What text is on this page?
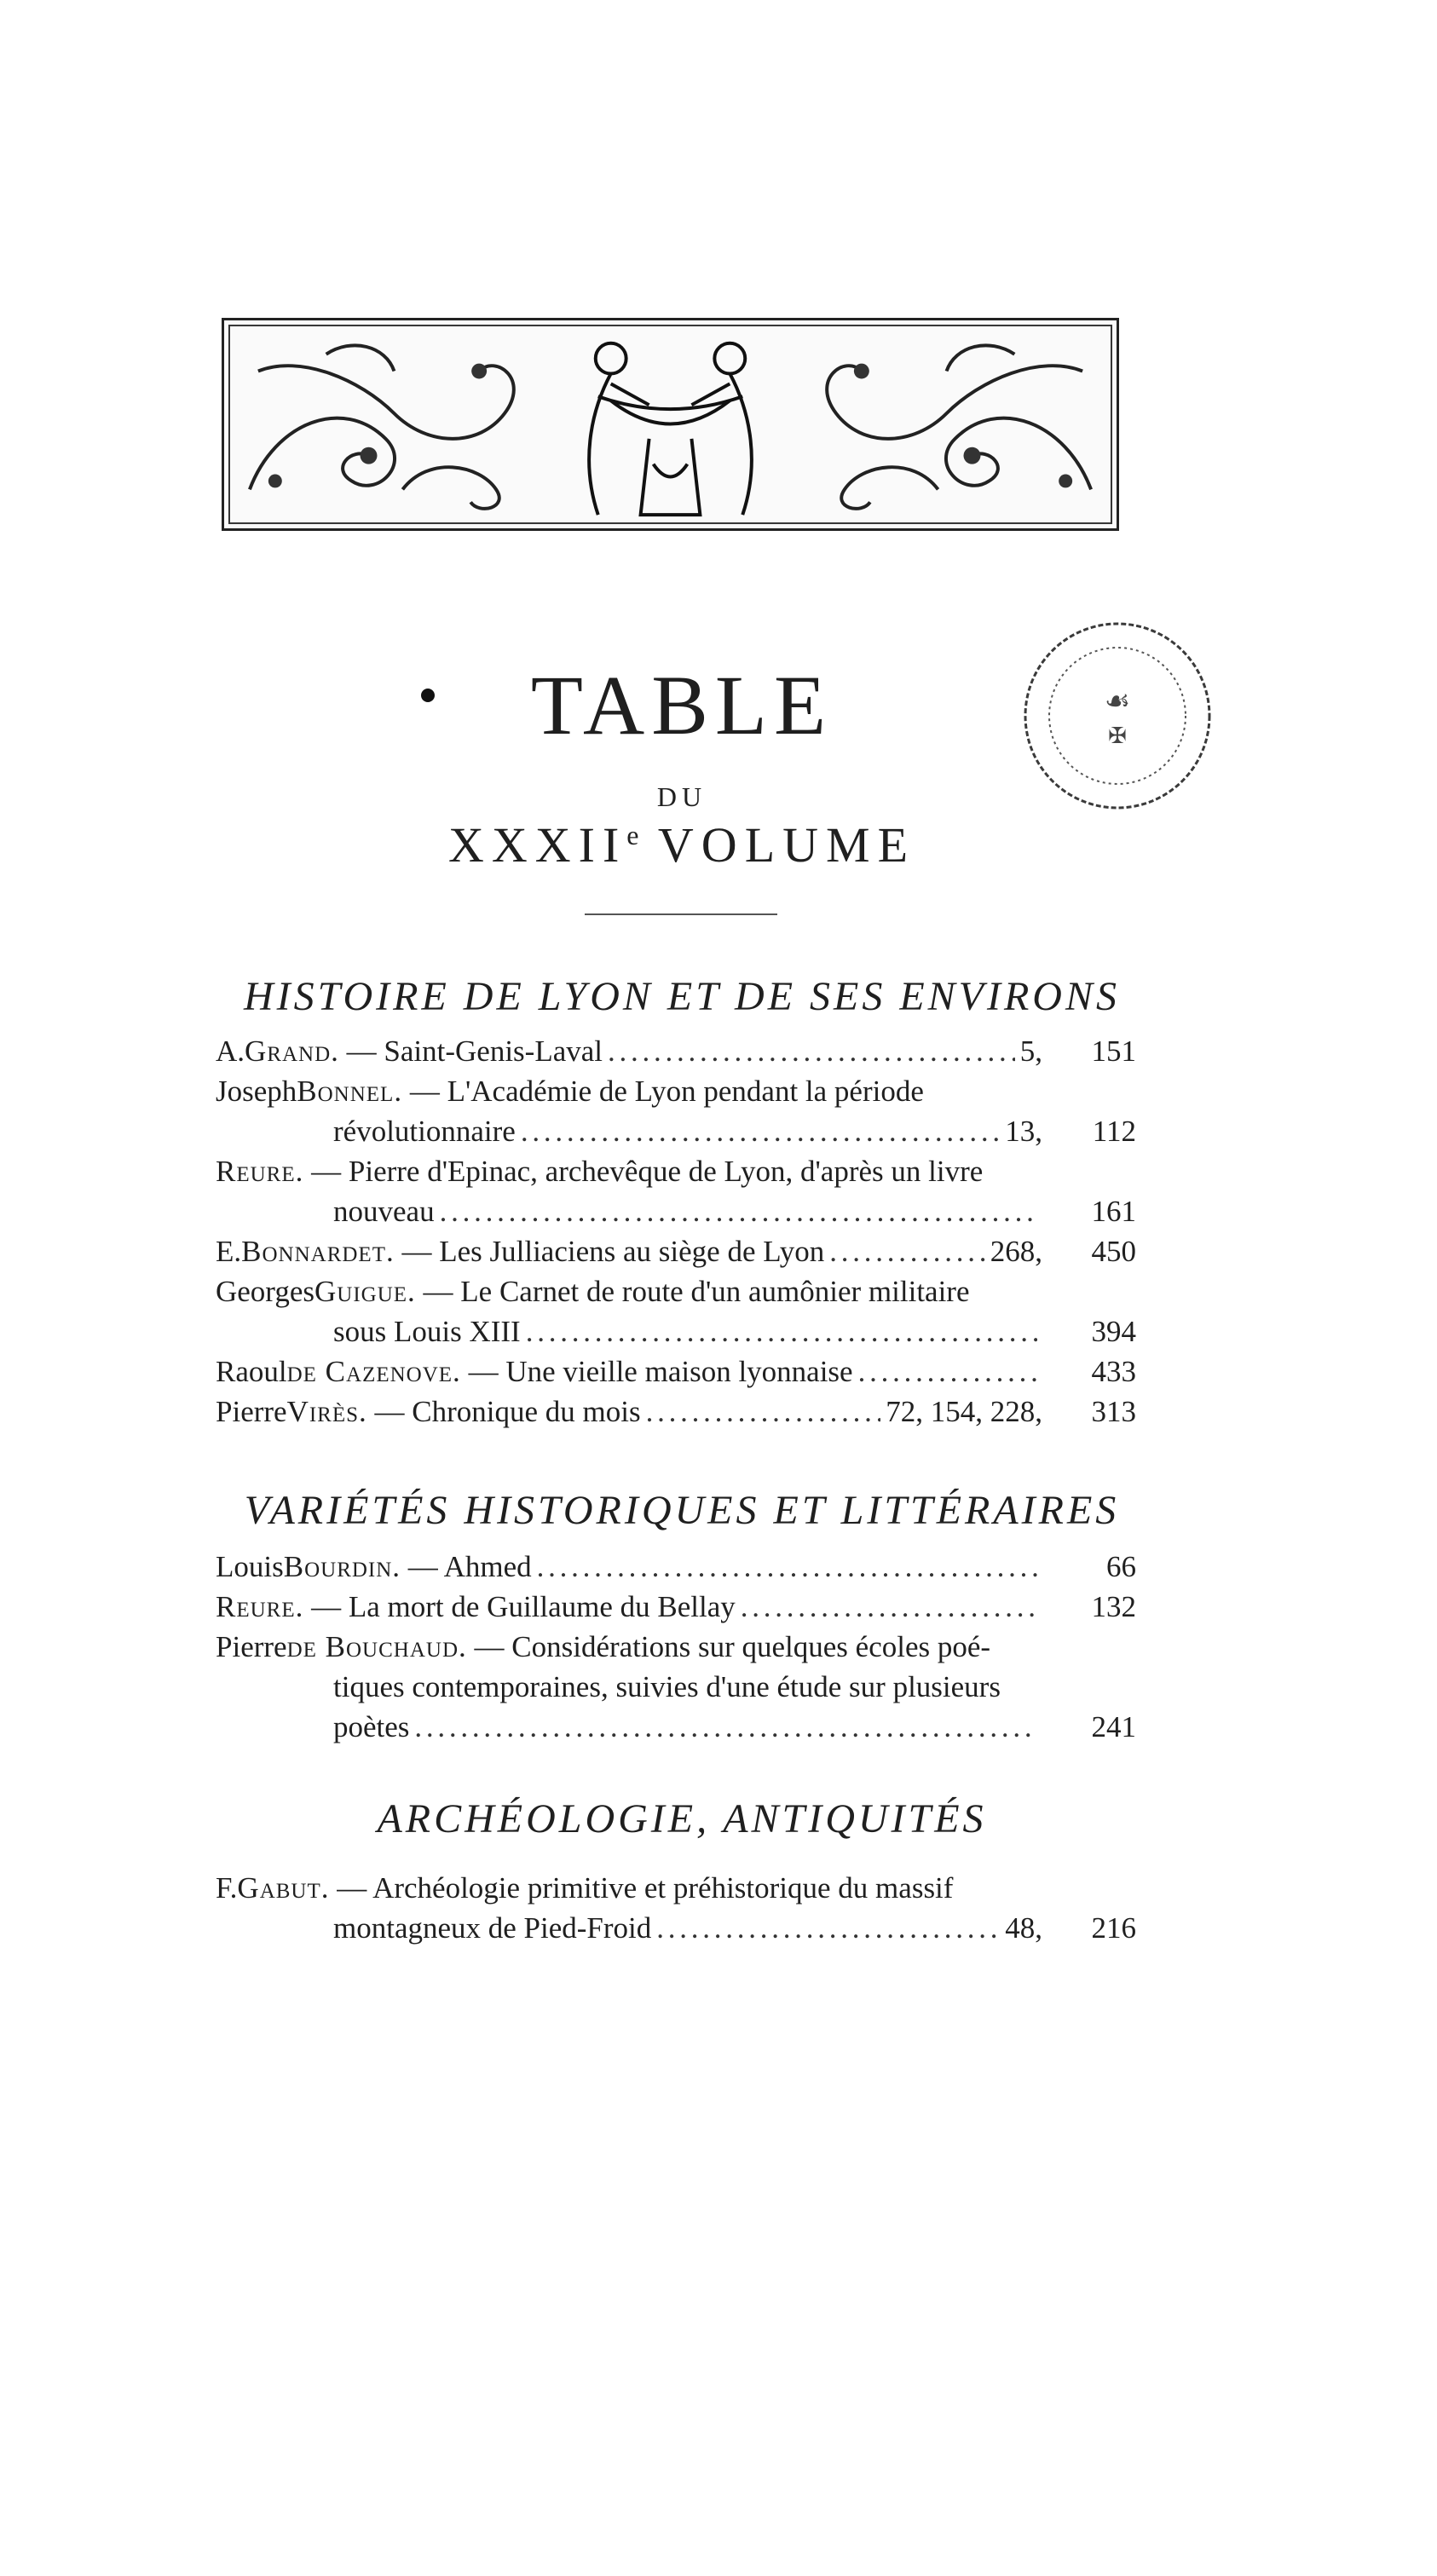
☙
✠
TABLE
DU
XXXIIe VOLUME
HISTOIRE DE LYON ET DE SES ENVIRONS
A. Grand.
— Saint-Genis-Laval . . .	5,	151
Joseph Bonnel.
— L'Académie de Lyon pendant la période
révolutionnaire . . .	13,	112
Reure.
— Pierre d'Epinac, archevêque de Lyon, d'après un livre
nouveau . . .	161
E. Bonnardet.
— Les Julliaciens au siège de Lyon . . .	268,	450
Georges Guigue.
— Le Carnet de route d'un aumônier militaire
sous Louis XIII . . .	394
Raoul de Cazenove.
— Une vieille maison lyonnaise . . .	433
Pierre Virès.
— Chronique du mois . . .	72, 154, 228,	313
VARIÉTÉS HISTORIQUES ET LITTÉRAIRES
Louis Bourdin.
— Ahmed . . .	66
Reure.
— La mort de Guillaume du Bellay . . .	132
Pierre de Bouchaud.
— Considérations sur quelques écoles poé-
tiques contemporaines, suivies d'une étude sur plusieurs
poètes . . .	241
ARCHÉOLOGIE, ANTIQUITÉS
F. Gabut.
— Archéologie primitive et préhistorique du massif
montagneux de Pied-Froid . . .	48,	216
